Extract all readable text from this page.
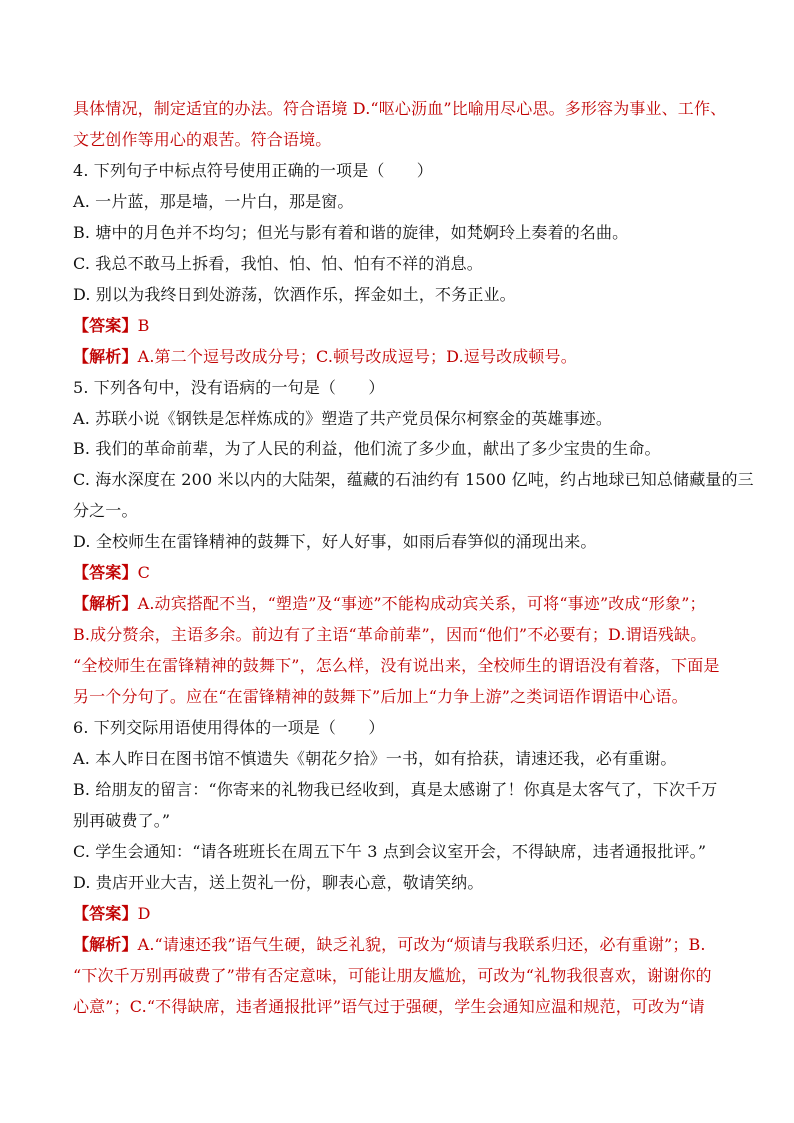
具体情况，制定适宜的办法。符合语境 D.“呕心沥血”比喻用尽心思。多形容为事业、工作、
文艺创作等用心的艰苦。符合语境。
4. 下列句子中标点符号使用正确的一项是（　　）
A. 一片蓝，那是墙，一片白，那是窗。
B. 塘中的月色并不均匀；但光与影有着和谐的旋律，如梵婀玲上奏着的名曲。
C. 我总不敢马上拆看，我怕、怕、怕、怕有不祥的消息。
D. 别以为我终日到处游荡，饮酒作乐，挥金如土，不务正业。
【答案】B
【解析】A.第二个逗号改成分号；C.顿号改成逗号；D.逗号改成顿号。
5. 下列各句中，没有语病的一句是（　　）
A. 苏联小说《钢铁是怎样炼成的》塑造了共产党员保尔柯察金的英雄事迹。
B. 我们的革命前辈，为了人民的利益，他们流了多少血，献出了多少宝贵的生命。
C. 海水深度在 200 米以内的大陆架，蕴藏的石油约有 1500 亿吨，约占地球已知总储藏量的三
分之一。
D. 全校师生在雷锋精神的鼓舞下，好人好事，如雨后春笋似的涌现出来。
【答案】C
【解析】A.动宾搭配不当，“塑造”及“事迹”不能构成动宾关系，可将“事迹”改成“形象”；
B.成分赘余，主语多余。前边有了主语“革命前辈”，因而“他们”不必要有；D.谓语残缺。
“全校师生在雷锋精神的鼓舞下”，怎么样，没有说出来，全校师生的谓语没有着落，下面是
另一个分句了。应在“在雷锋精神的鼓舞下”后加上“力争上游”之类词语作谓语中心语。
6. 下列交际用语使用得体的一项是（　　）
A. 本人昨日在图书馆不慎遗失《朝花夕拾》一书，如有拾获，请速还我，必有重谢。
B. 给朋友的留言：“你寄来的礼物我已经收到，真是太感谢了！你真是太客气了，下次千万
别再破费了。”
C. 学生会通知：“请各班班长在周五下午 3 点到会议室开会，不得缺席，违者通报批评。”
D. 贵店开业大吉，送上贺礼一份，聊表心意，敬请笑纳。
【答案】D
【解析】A.“请速还我”语气生硬，缺乏礼貌，可改为“烦请与我联系归还，必有重谢”；B.
“下次千万别再破费了”带有否定意味，可能让朋友尴尬，可改为“礼物我很喜欢，谢谢你的
心意”；C.“不得缺席，违者通报批评”语气过于强硬，学生会通知应温和规范，可改为“请
